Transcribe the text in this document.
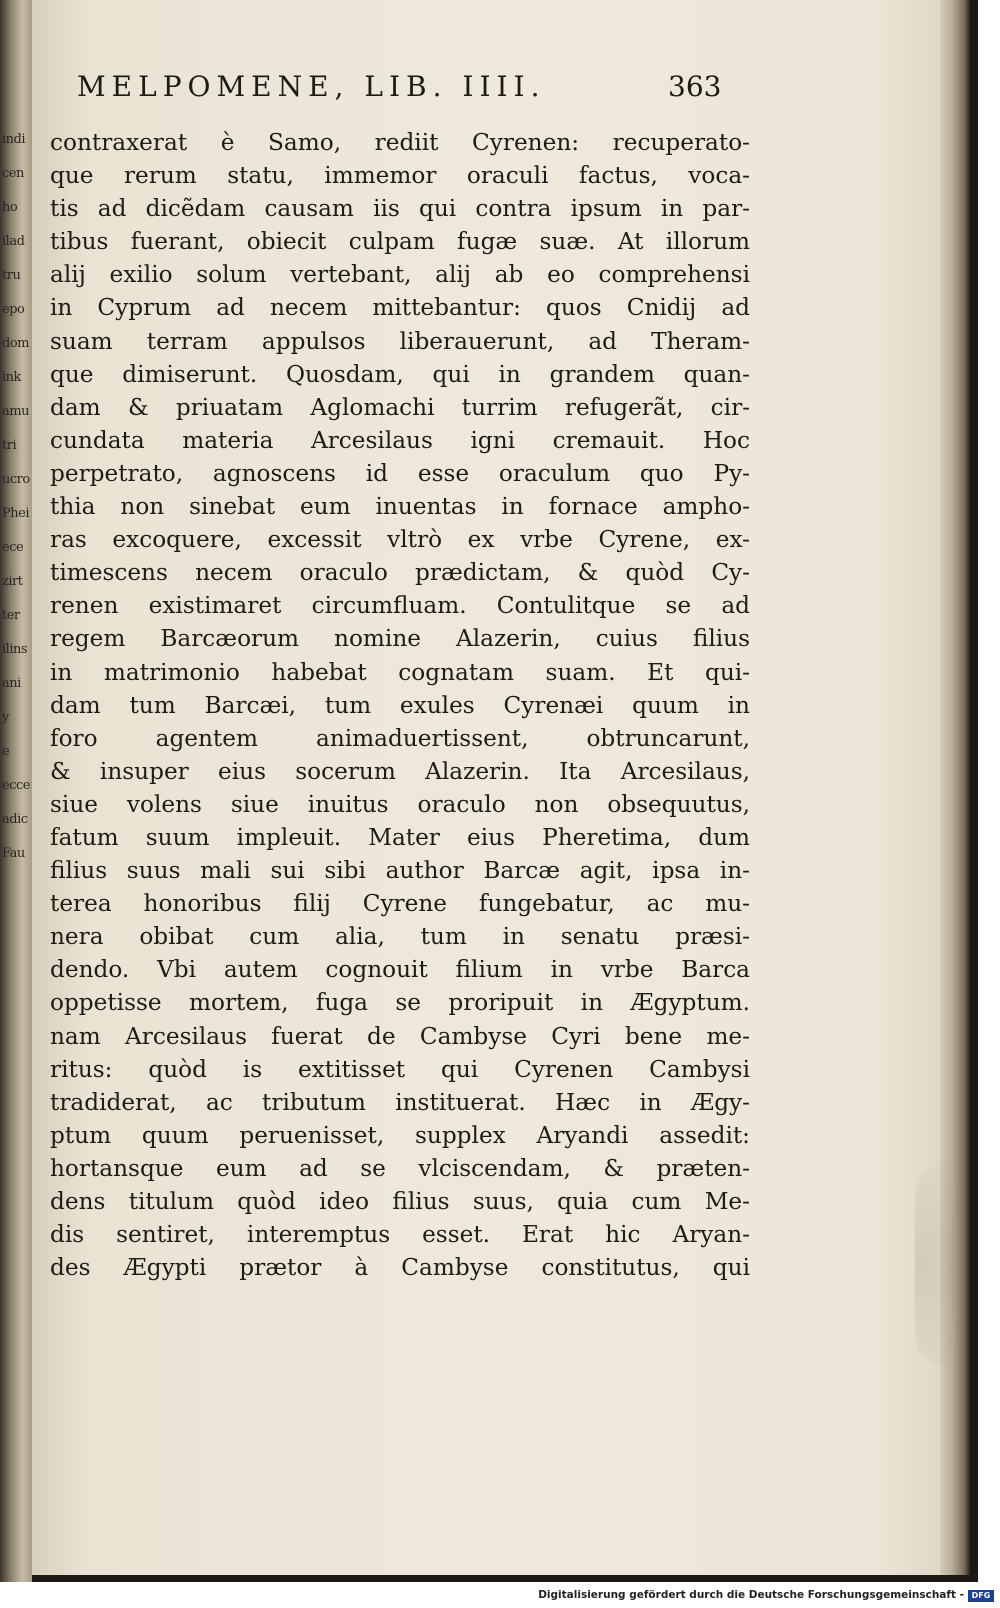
indi
cen
ho
ilad
tru
epo
dom
ink
amu
tri
ucro
Phei
ece
zirt
ter
ilins
ani
y
e
ecce
adic
Fau
MELPOMENE, LIB. IIII.	363
contraxerat è Samo, rediit Cyrenen: recuperato-
que rerum statu, immemor oraculi factus, voca-
tis ad dicẽdam causam iis qui contra ipsum in par-
tibus fuerant, obiecit culpam fugæ suæ. At illorum
alij exilio solum vertebant, alij ab eo comprehensi
in Cyprum ad necem mittebantur: quos Cnidij ad
suam terram appulsos liberauerunt, ad Theram-
que dimiserunt. Quosdam, qui in grandem quan-
dam & priuatam Aglomachi turrim refugerãt, cir-
cundata materia Arcesilaus igni cremauit. Hoc
perpetrato, agnoscens id esse oraculum quo Py-
thia non sinebat eum inuentas in fornace ampho-
ras excoquere, excessit vltrò ex vrbe Cyrene, ex-
timescens necem oraculo prædictam, & quòd Cy-
renen existimaret circumfluam. Contulitque se ad
regem Barcæorum nomine Alazerin, cuius filius
in matrimonio habebat cognatam suam. Et qui-
dam tum Barcæi, tum exules Cyrenæi quum in
foro agentem animaduertissent, obtruncarunt,
& insuper eius socerum Alazerin. Ita Arcesilaus,
siue volens siue inuitus oraculo non obsequutus,
fatum suum impleuit. Mater eius Pheretima, dum
filius suus mali sui sibi author Barcæ agit, ipsa in-
terea honoribus filij Cyrene fungebatur, ac mu-
nera obibat cum alia, tum in senatu præsi-
dendo. Vbi autem cognouit filium in vrbe Barca
oppetisse mortem, fuga se proripuit in Ægyptum.
nam Arcesilaus fuerat de Cambyse Cyri bene me-
ritus: quòd is extitisset qui Cyrenen Cambysi
tradiderat, ac tributum instituerat. Hæc in Ægy-
ptum quum peruenisset, supplex Aryandi assedit:
hortansque eum ad se vlciscendam, & præten-
dens titulum quòd ideo filius suus, quia cum Me-
dis sentiret, interemptus esset. Erat hic Aryan-
des Ægypti prætor à Cambyse constitutus, qui
Digitalisierung gefördert durch die Deutsche Forschungsgemeinschaft - DFG
